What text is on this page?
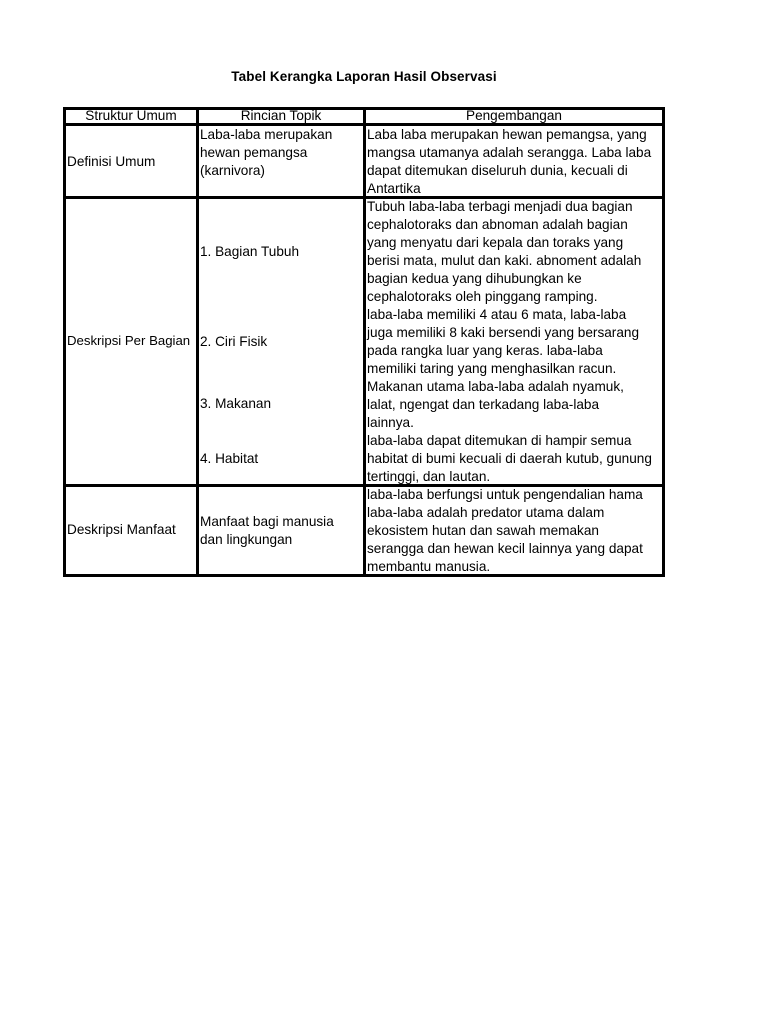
Tabel Kerangka Laporan Hasil Observasi
Struktur Umum	Rincian Topik	Pengembangan
Definisi Umum
Laba-laba merupakan
hewan pemangsa
(karnivora)
Laba laba merupakan hewan pemangsa, yang
mangsa utamanya adalah serangga. Laba laba
dapat ditemukan diseluruh dunia, kecuali di
Antartika
Deskripsi Per Bagian
1. Bagian Tubuh
2. Ciri Fisik
3. Makanan
4. Habitat
Tubuh laba-laba terbagi menjadi dua bagian
cephalotoraks dan abnoman adalah bagian
yang menyatu dari kepala dan toraks yang
berisi mata, mulut dan kaki. abnoment adalah
bagian kedua yang dihubungkan ke
cephalotoraks oleh pinggang ramping.
laba-laba memiliki 4 atau 6 mata, laba-laba
juga memiliki 8 kaki bersendi yang bersarang
pada rangka luar yang keras. laba-laba
memiliki taring yang menghasilkan racun.
Makanan utama laba-laba adalah nyamuk,
lalat, ngengat dan terkadang laba-laba
lainnya.
laba-laba dapat ditemukan di hampir semua
habitat di bumi kecuali di daerah kutub, gunung
tertinggi, dan lautan.
Deskripsi Manfaat
Manfaat bagi manusia
dan lingkungan
laba-laba berfungsi untuk pengendalian hama
laba-laba adalah predator utama dalam
ekosistem hutan dan sawah memakan
serangga dan hewan kecil lainnya yang dapat
membantu manusia.
